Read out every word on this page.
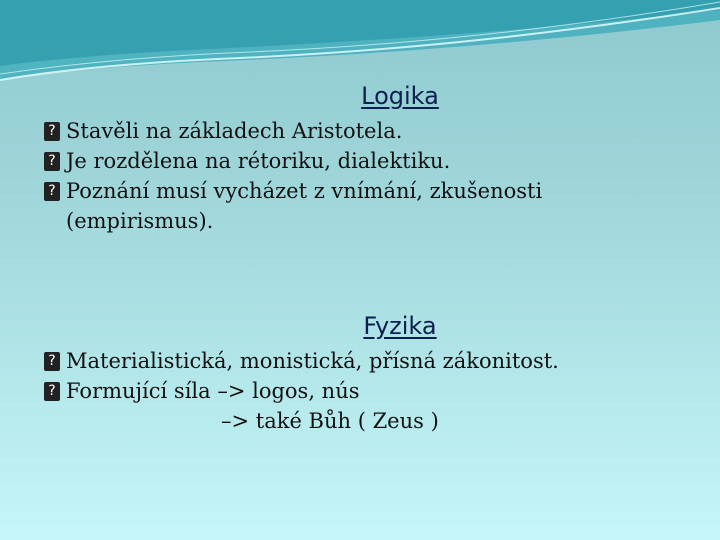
Logika
? Stavěli na základech Aristotela.
? Je rozdělena na rétoriku, dialektiku.
? Poznání musí vycházet z vnímání, zkušenosti
(empirismus).
Fyzika
? Materialistická, monistická, přísná zákonitost.
? Formující síla –> logos, nús
–> také Bůh ( Zeus )
